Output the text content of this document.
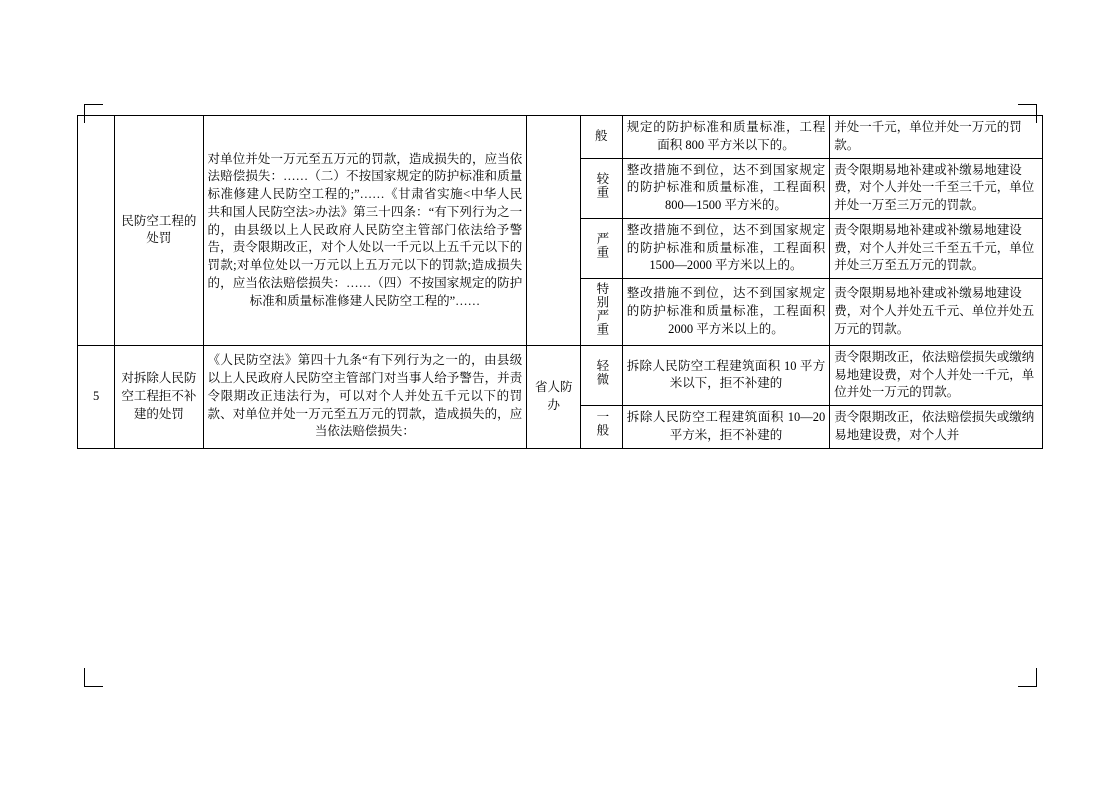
	民防空工程的处罚	对单位并处一万元至五万元的罚款，造成损失的，应当依法赔偿损失：……（二）不按国家规定的防护标准和质量标准修建人民防空工程的;”……《甘肃省实施<中华人民共和国人民防空法>办法》第三十四条：“有下列行为之一的，由县级以上人民政府人民防空主管部门依法给予警告，责令限期改正，对个人处以一千元以上五千元以下的罚款;对单位处以一万元以上五万元以下的罚款;造成损失的，应当依法赔偿损失：……（四）不按国家规定的防护标准和质量标准修建人民防空工程的”……		般	规定的防护标准和质量标准，工程面积 800 平方米以下的。	并处一千元，单位并处一万元的罚款。

				较重	整改措施不到位，达不到国家规定的防护标准和质量标准，工程面积 800—1500 平方米的。	责令限期易地补建或补缴易地建设费，对个人并处一千至三千元，单位并处一万至三万元的罚款。

				严重	整改措施不到位，达不到国家规定的防护标准和质量标准，工程面积 1500—2000 平方米以上的。	责令限期易地补建或补缴易地建设费，对个人并处三千至五千元，单位并处三万至五万元的罚款。

				特别严重	整改措施不到位，达不到国家规定的防护标准和质量标准，工程面积 2000 平方米以上的。	责令限期易地补建或补缴易地建设费，对个人并处五千元、单位并处五万元的罚款。

5	对拆除人民防空工程拒不补建的处罚	《人民防空法》第四十九条“有下列行为之一的，由县级以上人民政府人民防空主管部门对当事人给予警告，并责令限期改正违法行为，可以对个人并处五千元以下的罚款、对单位并处一万元至五万元的罚款，造成损失的，应当依法赔偿损失：	省人防办	轻微	拆除人民防空工程建筑面积 10 平方米以下，拒不补建的	责令限期改正，依法赔偿损失或缴纳易地建设费，对个人并处一千元，单位并处一万元的罚款。

				一般	拆除人民防空工程建筑面积 10—20 平方米，拒不补建的	责令限期改正，依法赔偿损失或缴纳易地建设费，对个人并
